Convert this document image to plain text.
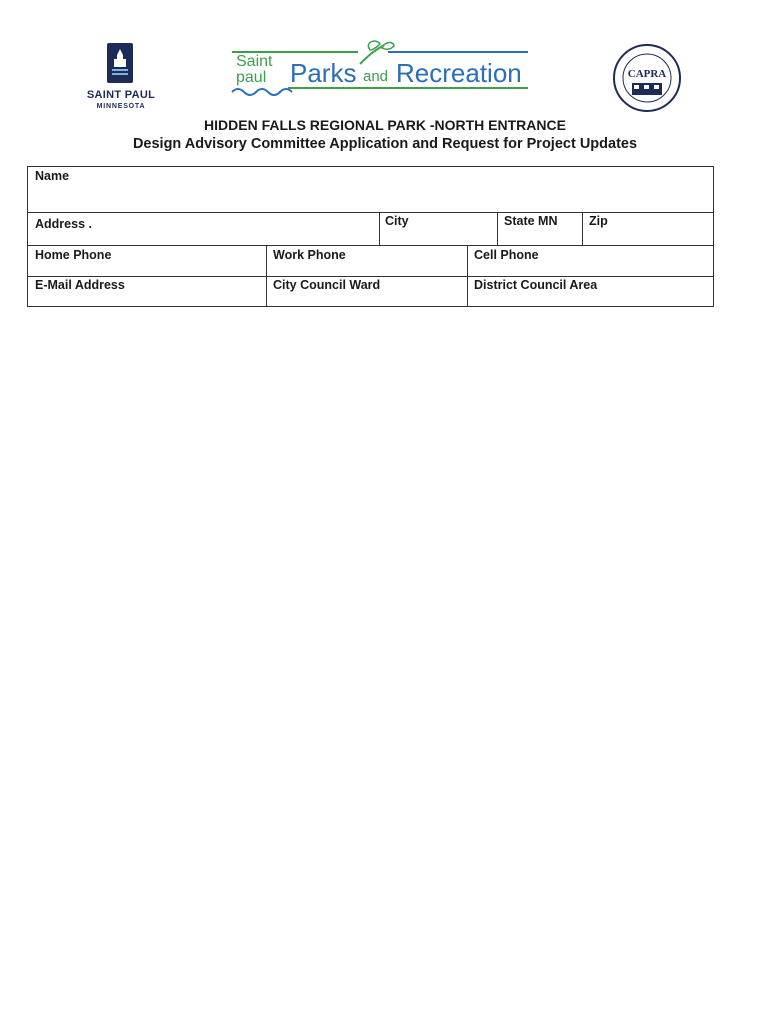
SAINT PAUL
MINNESOTA
Saint
paul Parks and Recreation	CAPRA
HIDDEN FALLS REGIONAL PARK -NORTH ENTRANCE
Design Advisory Committee Application and Request for Project Updates
Name
Address .	City	State MN	Zip
Home Phone	Work Phone	Cell Phone
E-Mail Address	City Council Ward	District Council Area
